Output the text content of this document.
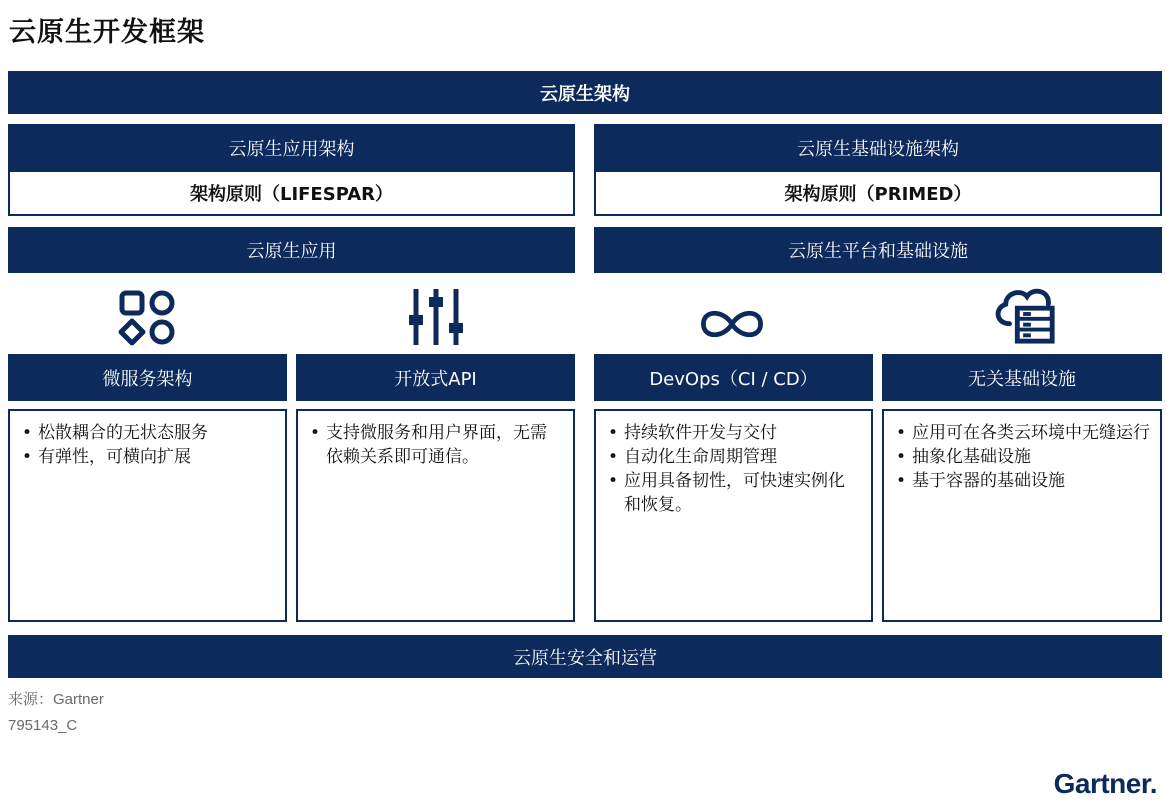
云原生开发框架
云原生架构
云原生应用架构
架构原则（LIFESPAR）
云原生基础设施架构
架构原则（PRIMED）
云原生应用	云原生平台和基础设施
微服务架构	开放式API	DevOps（CI / CD）	无关基础设施
• 松散耦合的无状态服务
• 有弹性，可横向扩展
• 支持微服务和用户界面，无需依赖关系即可通信。
• 持续软件开发与交付
• 自动化生命周期管理
• 应用具备韧性，可快速实例化和恢复。
• 应用可在各类云环境中无缝运行
• 抽象化基础设施
• 基于容器的基础设施
云原生安全和运营
来源：Gartner
795143_C
Gartner.
